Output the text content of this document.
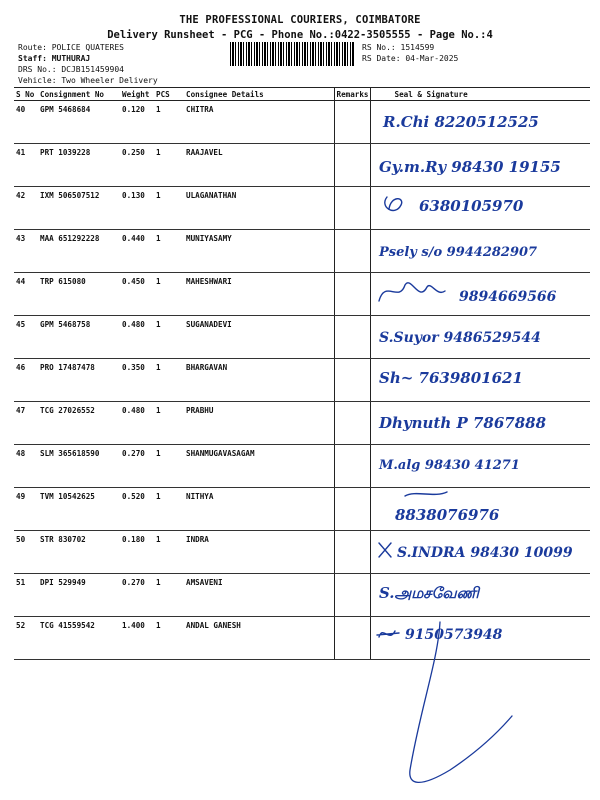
THE PROFESSIONAL COURIERS, COIMBATORE
Delivery Runsheet - PCG - Phone No.:0422-3505555 - Page No.:4
Route: POLICE QUATERES
Staff: MUTHURAJ
DRS No.: DCJB151459904
Vehicle: Two Wheeler Delivery
RS No.: 1514599
RS Date: 04-Mar-2025
S No	Consignment No	Weight	PCS	Consignee Details	Remarks	Seal & Signature
40	GPM 5468684	0.120	1	CHITRA		R.Chi 8220512525

41	PRT 1039228	0.250	1	RAAJAVEL		Gy.m.Ry 98430 19155

42	IXM 506507512	0.130	1	ULAGANATHAN		6380105970

43	MAA 651292228	0.440	1	MUNIYASAMY		Psely s/o 9944282907

44	TRP 615080	0.450	1	MAHESHWARI		9894669566

45	GPM 5468758	0.480	1	SUGANADEVI		S.Suyor 9486529544

46	PRO 17487478	0.350	1	BHARGAVAN		Sh~ 7639801621

47	TCG 27026552	0.480	1	PRABHU		Dhynuth P 7867888

48	SLM 365618590	0.270	1	SHANMUGAVASAGAM		M.alg 98430 41271

49	TVM 10542625	0.520	1	NITHYA		8838076976

50	STR 830702	0.180	1	INDRA		S.INDRA 98430 10099

51	DPI 529949	0.270	1	AMSAVENI		S.அமசவேணி

52	TCG 41559542	1.400	1	ANDAL GANESH		9150573948
